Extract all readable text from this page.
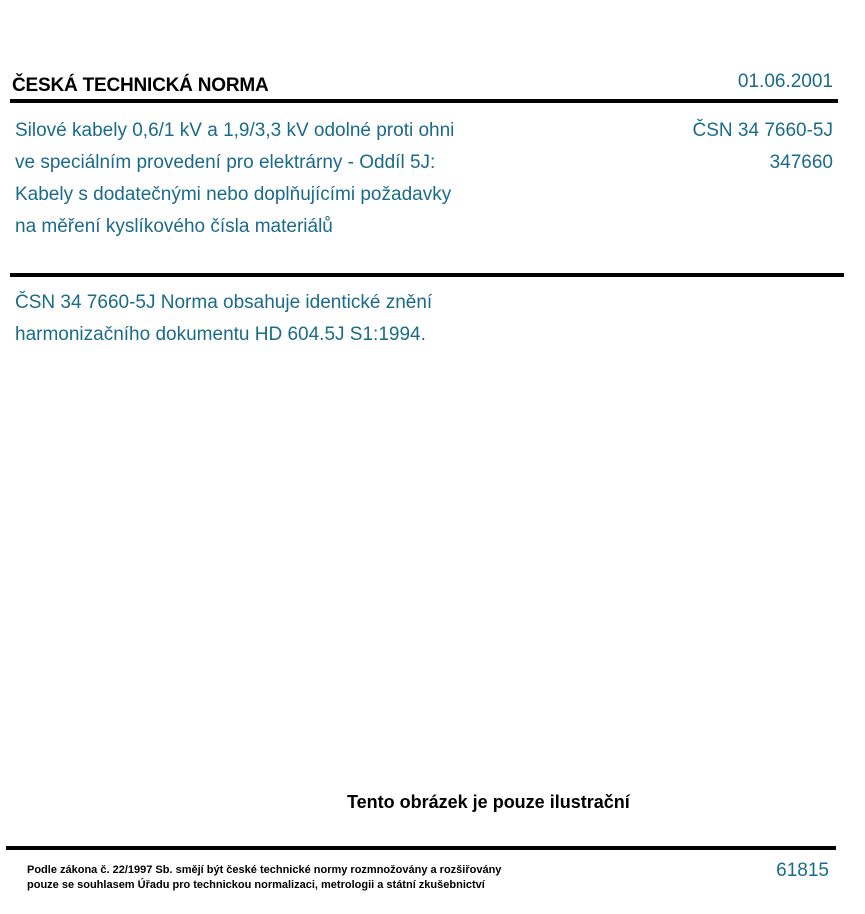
ČESKÁ TECHNICKÁ NORMA	01.06.2001
Silové kabely 0,6/1 kV a 1,9/3,3 kV odolné proti ohni
ve speciálním provedení pro elektrárny - Oddíl 5J:
Kabely s dodatečnými nebo doplňujícími požadavky
na měření kyslíkového čísla materiálů
ČSN 34 7660-5J
347660
ČSN 34 7660-5J Norma obsahuje identické znění
harmonizačního dokumentu HD 604.5J S1:1994.
Tento obrázek je pouze ilustrační
Podle zákona č. 22/1997 Sb. smějí být české technické normy rozmnožovány a rozšiřovány
pouze se souhlasem Úřadu pro technickou normalizaci, metrologii a státní zkušebnictví
61815
